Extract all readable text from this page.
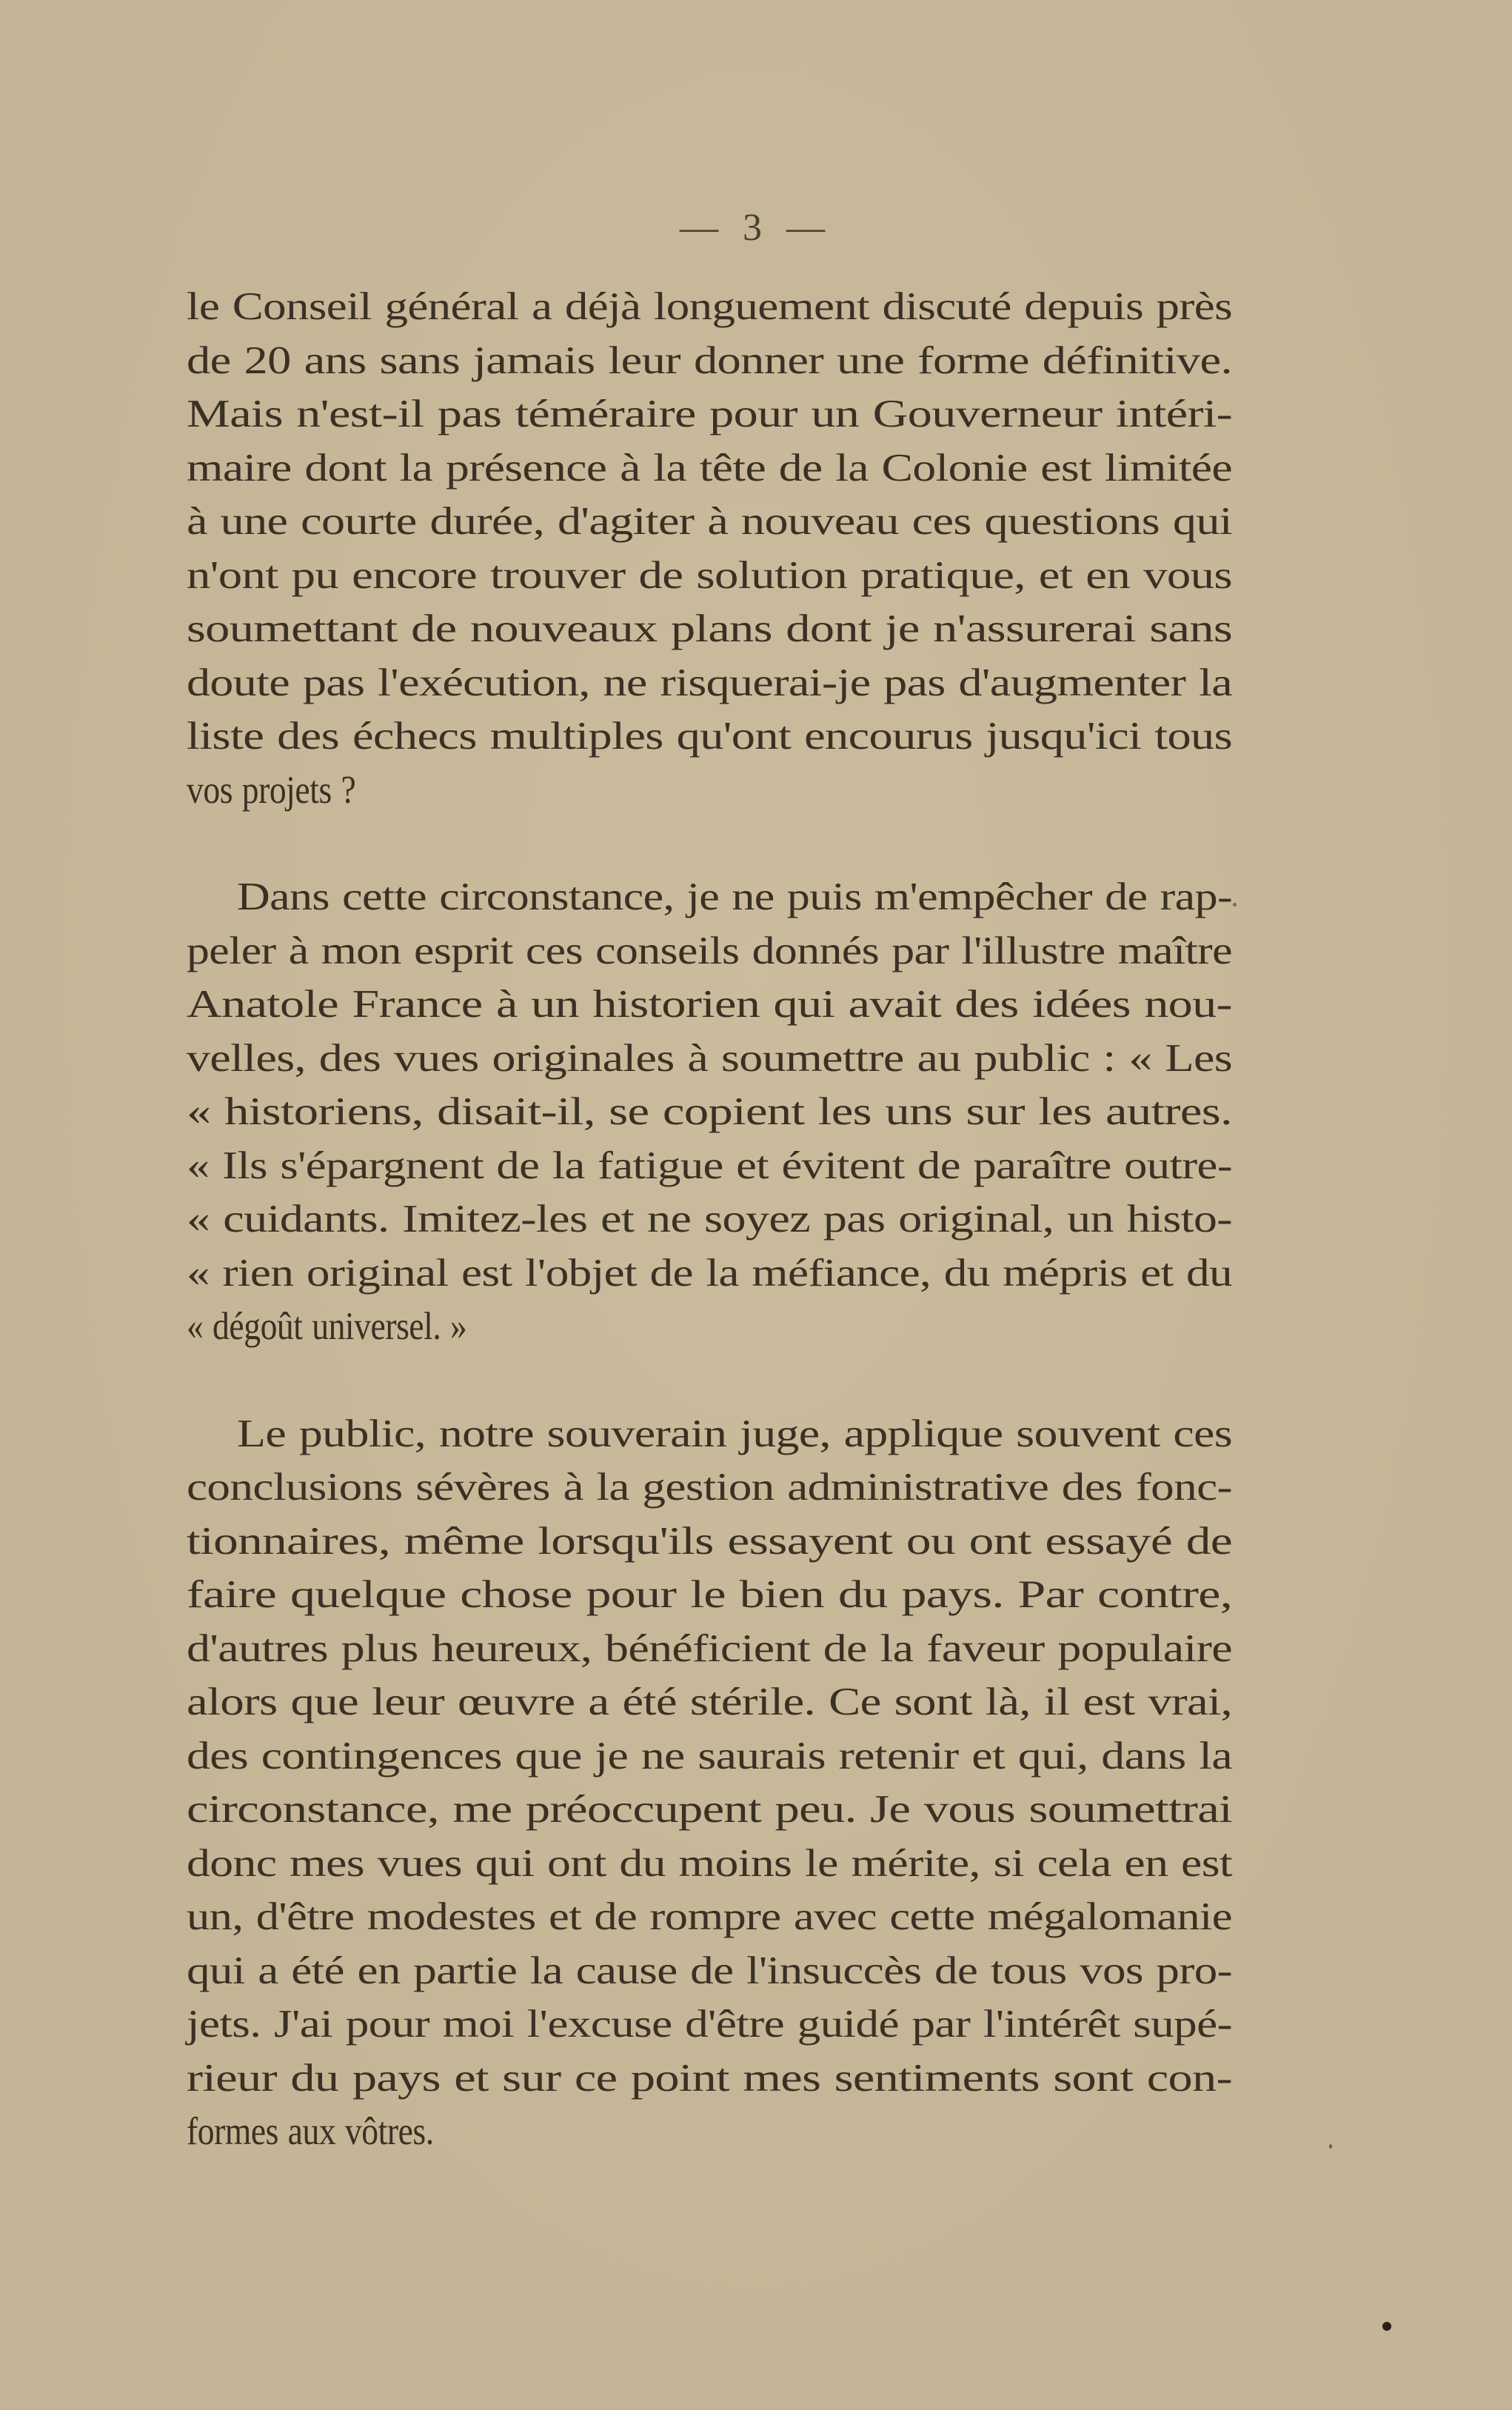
— 3 —
le Conseil général a déjà longuement discuté depuis près
de 20 ans sans jamais leur donner une forme définitive.
Mais n'est-il pas téméraire pour un Gouverneur intéri-
maire dont la présence à la tête de la Colonie est limitée
à une courte durée, d'agiter à nouveau ces questions qui
n'ont pu encore trouver de solution pratique, et en vous
soumettant de nouveaux plans dont je n'assurerai sans
doute pas l'exécution, ne risquerai-je pas d'augmenter la
liste des échecs multiples qu'ont encourus jusqu'ici tous
vos projets ?
Dans cette circonstance, je ne puis m'empêcher de rap-
peler à mon esprit ces conseils donnés par l'illustre maître
Anatole France à un historien qui avait des idées nou-
velles, des vues originales à soumettre au public : « Les
« historiens, disait-il, se copient les uns sur les autres.
« Ils s'épargnent de la fatigue et évitent de paraître outre-
« cuidants. Imitez-les et ne soyez pas original, un histo-
« rien original est l'objet de la méfiance, du mépris et du
« dégoût universel. »
Le public, notre souverain juge, applique souvent ces
conclusions sévères à la gestion administrative des fonc-
tionnaires, même lorsqu'ils essayent ou ont essayé de
faire quelque chose pour le bien du pays. Par contre,
d'autres plus heureux, bénéficient de la faveur populaire
alors que leur œuvre a été stérile. Ce sont là, il est vrai,
des contingences que je ne saurais retenir et qui, dans la
circonstance, me préoccupent peu. Je vous soumettrai
donc mes vues qui ont du moins le mérite, si cela en est
un, d'être modestes et de rompre avec cette mégalomanie
qui a été en partie la cause de l'insuccès de tous vos pro-
jets. J'ai pour moi l'excuse d'être guidé par l'intérêt supé-
rieur du pays et sur ce point mes sentiments sont con-
formes aux vôtres.
